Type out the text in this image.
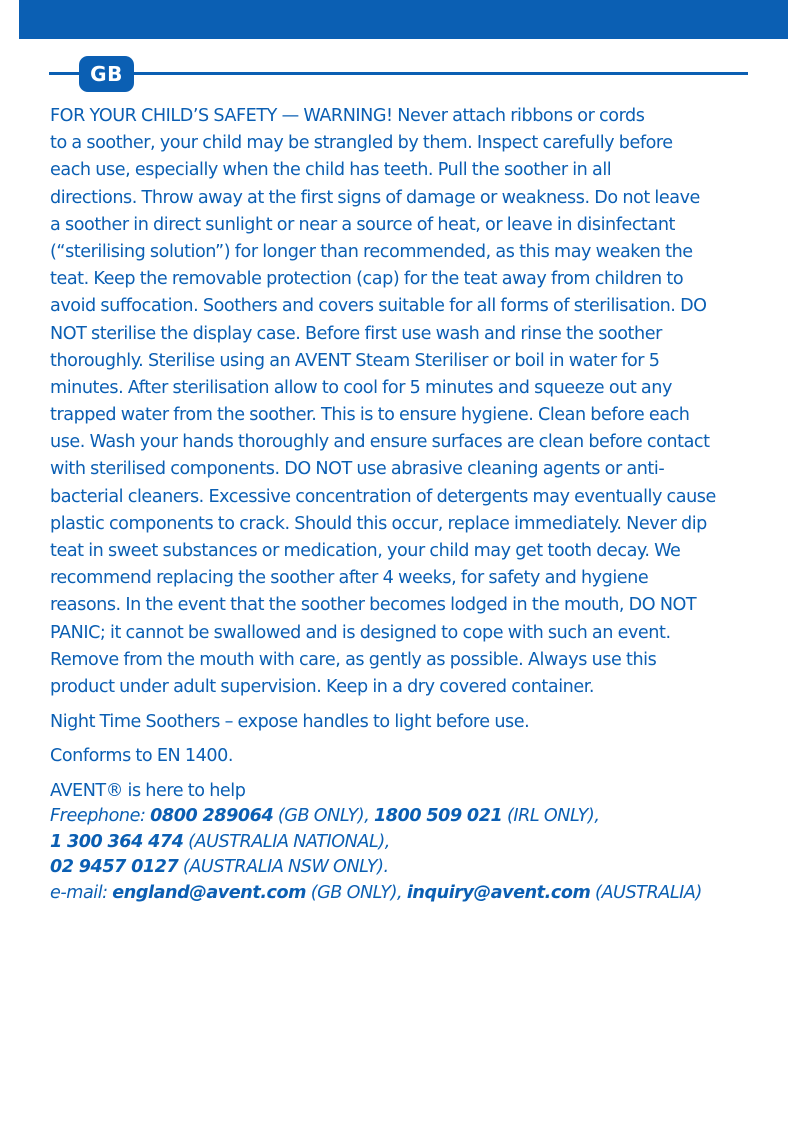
GB
FOR YOUR CHILD’S SAFETY — WARNING! Never attach ribbons or cords
to a soother, your child may be strangled by them. Inspect carefully before
each use, especially when the child has teeth. Pull the soother in all
directions. Throw away at the first signs of damage or weakness. Do not leave
a soother in direct sunlight or near a source of heat, or leave in disinfectant
(“sterilising solution”) for longer than recommended, as this may weaken the
teat. Keep the removable protection (cap) for the teat away from children to
avoid suffocation. Soothers and covers suitable for all forms of sterilisation. DO
NOT sterilise the display case. Before first use wash and rinse the soother
thoroughly. Sterilise using an AVENT Steam Steriliser or boil in water for 5
minutes. After sterilisation allow to cool for 5 minutes and squeeze out any
trapped water from the soother. This is to ensure hygiene. Clean before each
use. Wash your hands thoroughly and ensure surfaces are clean before contact
with sterilised components. DO NOT use abrasive cleaning agents or anti-
bacterial cleaners. Excessive concentration of detergents may eventually cause
plastic components to crack. Should this occur, replace immediately. Never dip
teat in sweet substances or medication, your child may get tooth decay. We
recommend replacing the soother after 4 weeks, for safety and hygiene
reasons. In the event that the soother becomes lodged in the mouth, DO NOT
PANIC; it cannot be swallowed and is designed to cope with such an event.
Remove from the mouth with care, as gently as possible. Always use this
product under adult supervision. Keep in a dry covered container.
Night Time Soothers – expose handles to light before use.
Conforms to EN 1400.
AVENT® is here to help
Freephone: 0800 289064 (GB ONLY), 1800 509 021 (IRL ONLY),
1 300 364 474 (AUSTRALIA NATIONAL),
02 9457 0127 (AUSTRALIA NSW ONLY).
e-mail: england@avent.com (GB ONLY), inquiry@avent.com (AUSTRALIA)
